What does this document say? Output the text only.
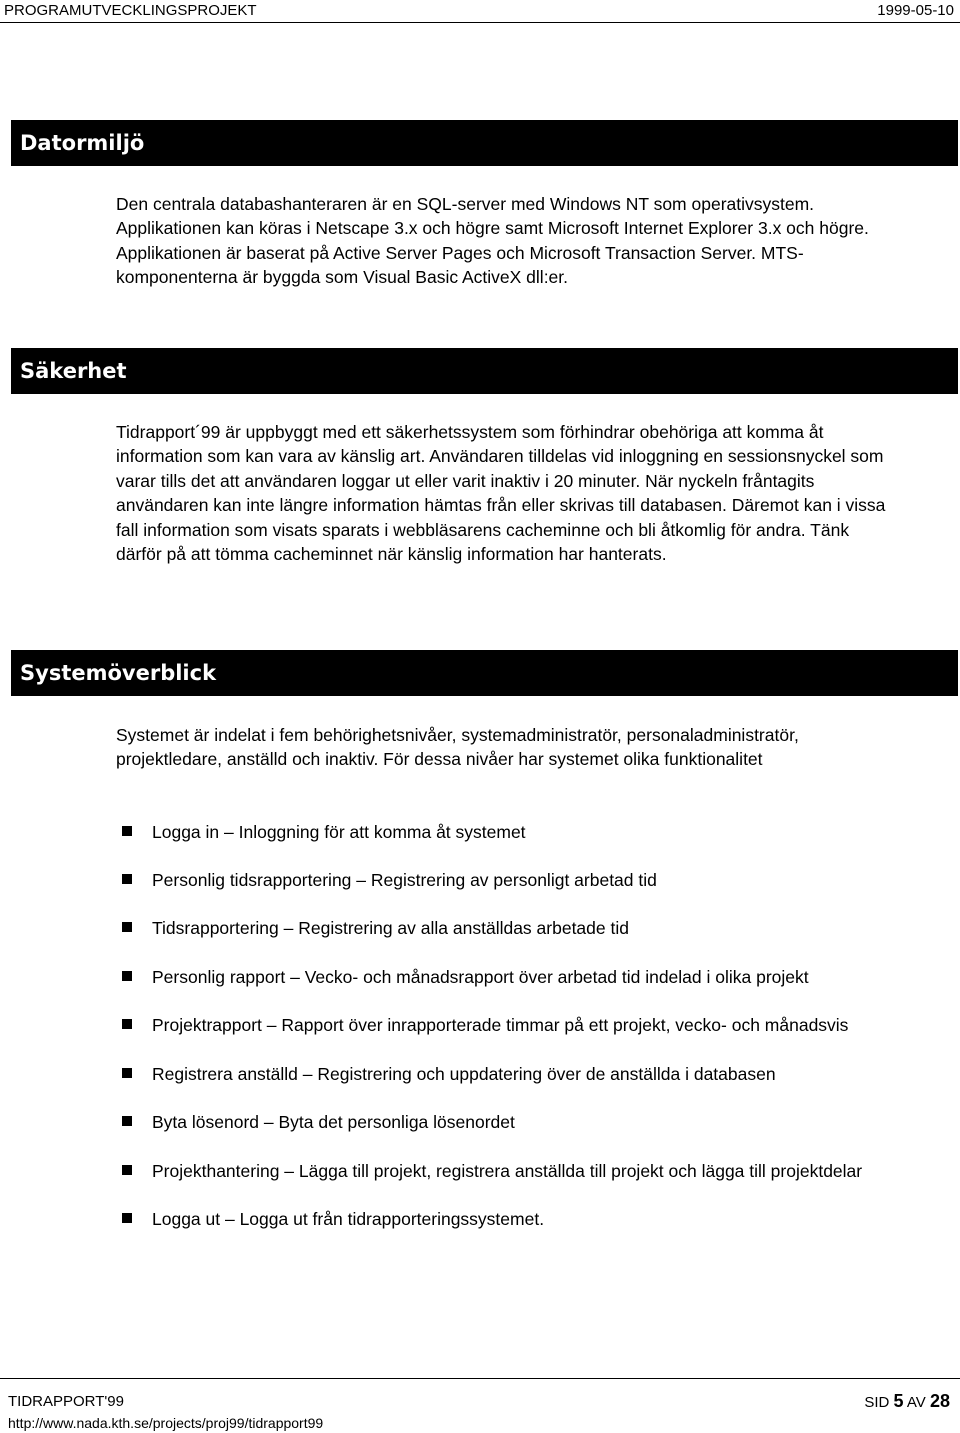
PROGRAMUTVECKLINGSPROJEKT	1999-05-10
Datormiljö

Den centrala databashanteraren är en SQL-server med Windows NT som operativsystem.

Applikationen kan köras i Netscape 3.x och högre samt Microsoft Internet Explorer 3.x och högre.

Applikationen är baserat på Active Server Pages och Microsoft Transaction Server. MTS-

komponenterna är byggda som Visual Basic ActiveX dll:er.

Säkerhet

Tidrapport´99 är uppbyggt med ett säkerhetssystem som förhindrar obehöriga att komma åt

information som kan vara av känslig art. Användaren tilldelas vid inloggning en sessionsnyckel som

varar tills det att användaren loggar ut eller varit inaktiv i 20 minuter. När nyckeln fråntagits

användaren kan inte längre information hämtas från eller skrivas till databasen. Däremot kan i vissa

fall information som visats sparats i webbläsarens cacheminne och bli åtkomlig för andra. Tänk

därför på att tömma cacheminnet när känslig information har hanterats.

Systemöverblick

Systemet är indelat i fem behörighetsnivåer, systemadministratör, personaladministratör,

projektledare, anställd och inaktiv. För dessa nivåer har systemet olika funktionalitet

Logga in – Inloggning för att komma åt systemet
Personlig tidsrapportering – Registrering av personligt arbetad tid
Tidsrapportering – Registrering av alla anställdas arbetade tid
Personlig rapport – Vecko- och månadsrapport över arbetad tid indelad i olika projekt
Projektrapport – Rapport över inrapporterade timmar på ett projekt, vecko- och månadsvis
Registrera anställd – Registrering och uppdatering över de anställda i databasen
Byta lösenord – Byta det personliga lösenordet
Projekthantering – Lägga till projekt, registrera anställda till projekt och lägga till projektdelar
Logga ut – Logga ut från tidrapporteringssystemet.
TIDRAPPORT'99
http://www.nada.kth.se/projects/proj99/tidrapport99
SID 5 AV 28
